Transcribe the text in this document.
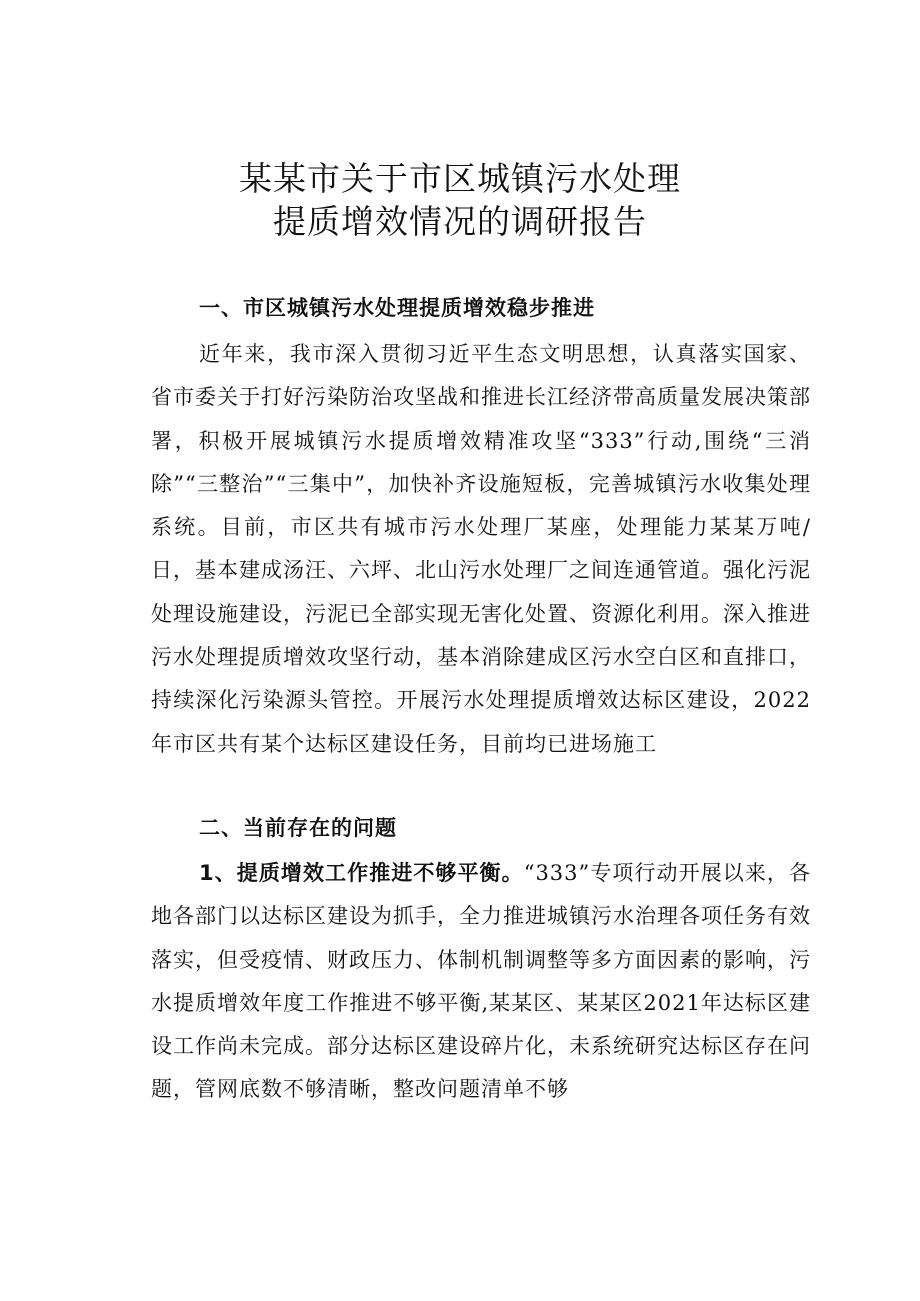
某某市关于市区城镇污水处理
提质增效情况的调研报告
一、市区城镇污水处理提质增效稳步推进

近年来，我市深入贯彻习近平生态文明思想，认真落实国家、省市委关于打好污染防治攻坚战和推进长江经济带高质量发展决策部署，积极开展城镇污水提质增效精准攻坚“333”行动,围绕“三消除”“三整治”“三集中”，加快补齐设施短板，完善城镇污水收集处理系统。目前，市区共有城市污水处理厂某座，处理能力某某万吨/日，基本建成汤汪、六坪、北山污水处理厂之间连通管道。强化污泥处理设施建设，污泥已全部实现无害化处置、资源化利用。深入推进污水处理提质增效攻坚行动，基本消除建成区污水空白区和直排口，持续深化污染源头管控。开展污水处理提质增效达标区建设，2022年市区共有某个达标区建设任务，目前均已进场施工

二、当前存在的问题

1、提质增效工作推进不够平衡。“333”专项行动开展以来，各地各部门以达标区建设为抓手，全力推进城镇污水治理各项任务有效落实，但受疫情、财政压力、体制机制调整等多方面因素的影响，污水提质增效年度工作推进不够平衡,某某区、某某区2021年达标区建设工作尚未完成。部分达标区建设碎片化，未系统研究达标区存在问题，管网底数不够清晰，整改问题清单不够
